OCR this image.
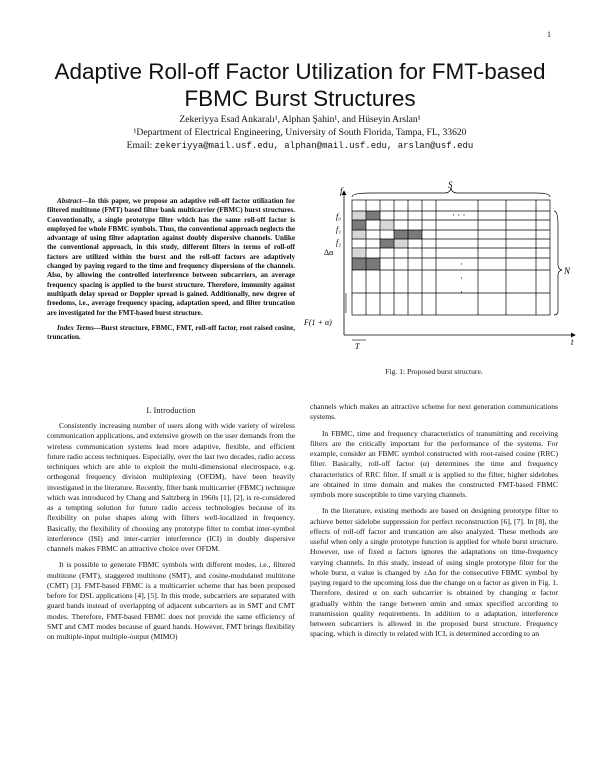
1
Adaptive Roll-off Factor Utilization for FMT-based
FBMC Burst Structures
Zekeriyya Esad Ankaralı¹, Alphan Şahin¹, and Hüseyin Arslan¹
¹Department of Electrical Engineering, University of South Florida, Tampa, FL, 33620
Email: zekeriyya@mail.usf.edu, alphan@mail.usf.edu, arslan@usf.edu
Abstract—In this paper, we propose an adaptive roll-off factor utilization for filtered multitone (FMT) based filter bank multicarrier (FBMC) burst structures. Conventionally, a single prototype filter which has the same roll-off factor is employed for whole FBMC symbols. Thus, the conventional approach neglects the advantage of using filter adaptation against doubly dispersive channels. Unlike the conventional approach, in this study, different filters in terms of roll-off factors are utilized within the burst and the roll-off factors are adaptively changed by paying regard to the time and frequency dispersions of the channels. Also, by allowing the controlled interference between subcarriers, an average frequency spacing is applied to the burst structure. Therefore, immunity against multipath delay spread or Doppler spread is gained. Additionally, new degree of freedoms, i.e., average frequency spacing, adaptation speed, and filter truncation are investigated for the FMT-based burst structure.
Index Terms—Burst structure, FBMC, FMT, roll-off factor, root raised cosine, truncation.
I. Introduction

Consistently increasing number of users along with wide variety of wireless communication applications, and extensive growth on the user demands from the wireless communication systems lead more adaptive, flexible, and efficient future radio access techniques. Especially, over the last two decades, radio access techniques which are able to exploit the multi-dimensional electrospace, e.g. orthogonal frequency division multiplexing (OFDM), have been heavily investigated in the literature. Recently, filter bank multicarrier (FBMC) technique which was introduced by Chang and Saltzberg in 1960s [1], [2], is re-considered as a tempting solution for future radio access technologies because of its flexibility on pulse shapes along with filters well-localized in frequency. Basically, the flexibility of choosing any prototype filter to combat inter-symbol interference (ISI) and inter-carrier interference (ICI) in doubly dispersive channels makes FBMC an attractive choice over OFDM.

It is possible to generate FBMC symbols with different modes, i.e., filtered multitone (FMT), staggered multitone (SMT), and cosine-modulated multitone (CMT) [3]. FMT-based FBMC is a multicarrier scheme that has been proposed before for DSL applications [4], [5]. In this mode, subcarriers are separated with guard bands instead of overlapping of adjacent subcarriers as in SMT and CMT modes. Therefore, FMT-based FBMC does not provide the same efficiency of SMT and CMT modes because of guard bands. However, FMT brings flexibility on multiple-input multiple-output (MIMO)

f
t
S
N
f₀
f₁
f₂
Δα
F(1 + α)
T
· · ·
·
·
·
Fig. 1: Proposed burst structure.

channels which makes an attractive scheme for next generation communications systems.

In FBMC, time and frequency characteristics of transmitting and receiving filters are the critically important for the performance of the systems. For example, consider an FBMC symbol constructed with root-raised cosine (RRC) filter. Basically, roll-off factor (α) determines the time and frequency characteristics of RRC filter. If small α is applied to the filter, higher sidelobes are obtained in time domain and makes the constructed FMT-based FBMC symbols more susceptible to time varying channels.

In the literature, existing methods are based on designing prototype filter to achieve better sidelobe suppression for perfect reconstruction [6], [7]. In [8], the effects of roll-off factor and truncation are also analyzed. These methods are useful when only a single prototype function is applied for whole burst structure. However, use of fixed α factors ignores the adaptations on time-frequency varying channels. In this study, instead of using single prototype filter for the whole burst, α value is changed by ±Δα for the consecutive FBMC symbol by paying regard to the upcoming loss due the change on α factor as given in Fig. 1. Therefore, desired α on each subcarrier is obtained by changing α factor gradually within the range between αmin and αmax specified according to transmission quality requirements. In addition to α adaptation, interference between subcarriers is allowed in the proposed burst structure. Frequency spacing, which is directly to related with ICI, is determined according to an
